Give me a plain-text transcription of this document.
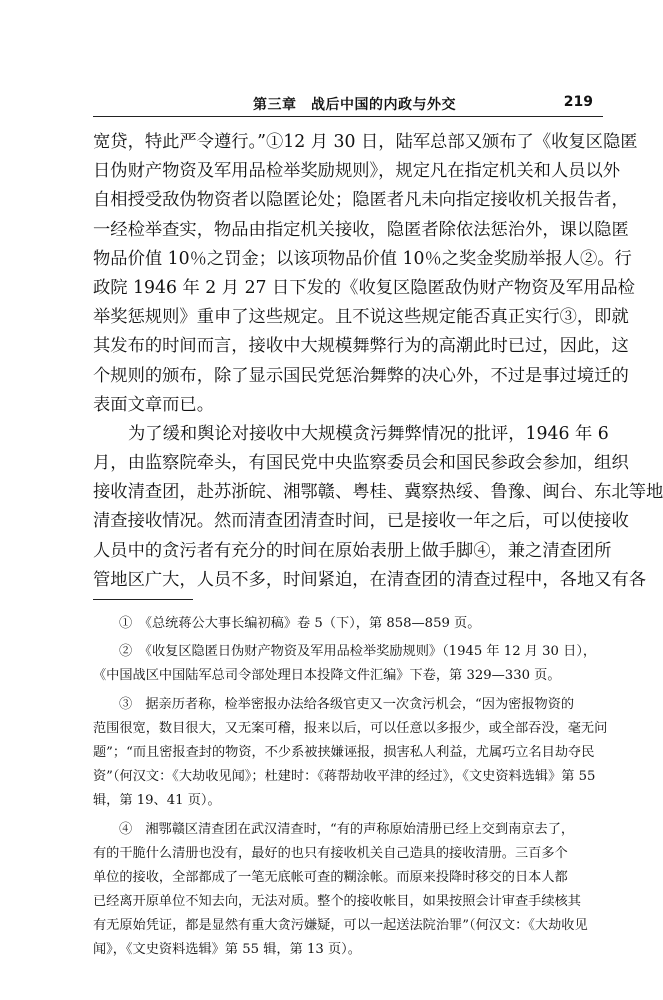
第三章　战后中国的内政与外交	219

宽贷，特此严令遵行。”①12 月 30 日，陆军总部又颁布了《收复区隐匿
日伪财产物资及军用品检举奖励规则》，规定凡在指定机关和人员以外
自相授受敌伪物资者以隐匿论处；隐匿者凡未向指定接收机关报告者，
一经检举查实，物品由指定机关接收，隐匿者除依法惩治外，课以隐匿
物品价值 10％之罚金；以该项物品价值 10％之奖金奖励举报人②。行
政院 1946 年 2 月 27 日下发的《收复区隐匿敌伪财产物资及军用品检
举奖惩规则》重申了这些规定。且不说这些规定能否真正实行③，即就
其发布的时间而言，接收中大规模舞弊行为的高潮此时已过，因此，这
个规则的颁布，除了显示国民党惩治舞弊的决心外，不过是事过境迁的
表面文章而已。

为了缓和舆论对接收中大规模贪污舞弊情况的批评，1946 年 6
月，由监察院牵头，有国民党中央监察委员会和国民参政会参加，组织
接收清查团，赴苏浙皖、湘鄂赣、粤桂、冀察热绥、鲁豫、闽台、东北等地
清查接收情况。然而清查团清查时间，已是接收一年之后，可以使接收
人员中的贪污者有充分的时间在原始表册上做手脚④，兼之清查团所
管地区广大，人员不多，时间紧迫，在清查团的清查过程中，各地又有各

①　《总统蒋公大事长编初稿》卷 5（下），第 858—859 页。
②　《收复区隐匿日伪财产物资及军用品检举奖励规则》（1945 年 12 月 30 日），
《中国战区中国陆军总司令部处理日本投降文件汇编》下卷，第 329—330 页。
③　据亲历者称，检举密报办法给各级官吏又一次贪污机会，“因为密报物资的
范围很宽，数目很大，又无案可稽，报来以后，可以任意以多报少，或全部吞没，毫无问
题”；“而且密报查封的物资，不少系被挟嫌诬报，损害私人利益，尤属巧立名目劫夺民
资”（何汉文：《大劫收见闻》；杜建时：《蒋帮劫收平津的经过》，《文史资料选辑》第 55
辑，第 19、41 页）。
④　湘鄂赣区清查团在武汉清查时，“有的声称原始清册已经上交到南京去了，
有的干脆什么清册也没有，最好的也只有接收机关自己造具的接收清册。三百多个
单位的接收，全部都成了一笔无底帐可查的糊涂帐。而原来投降时移交的日本人都
已经离开原单位不知去向，无法对质。整个的接收帐目，如果按照会计审查手续核其
有无原始凭证，都是显然有重大贪污嫌疑，可以一起送法院治罪”（何汉文：《大劫收见
闻》，《文史资料选辑》第 55 辑，第 13 页）。
